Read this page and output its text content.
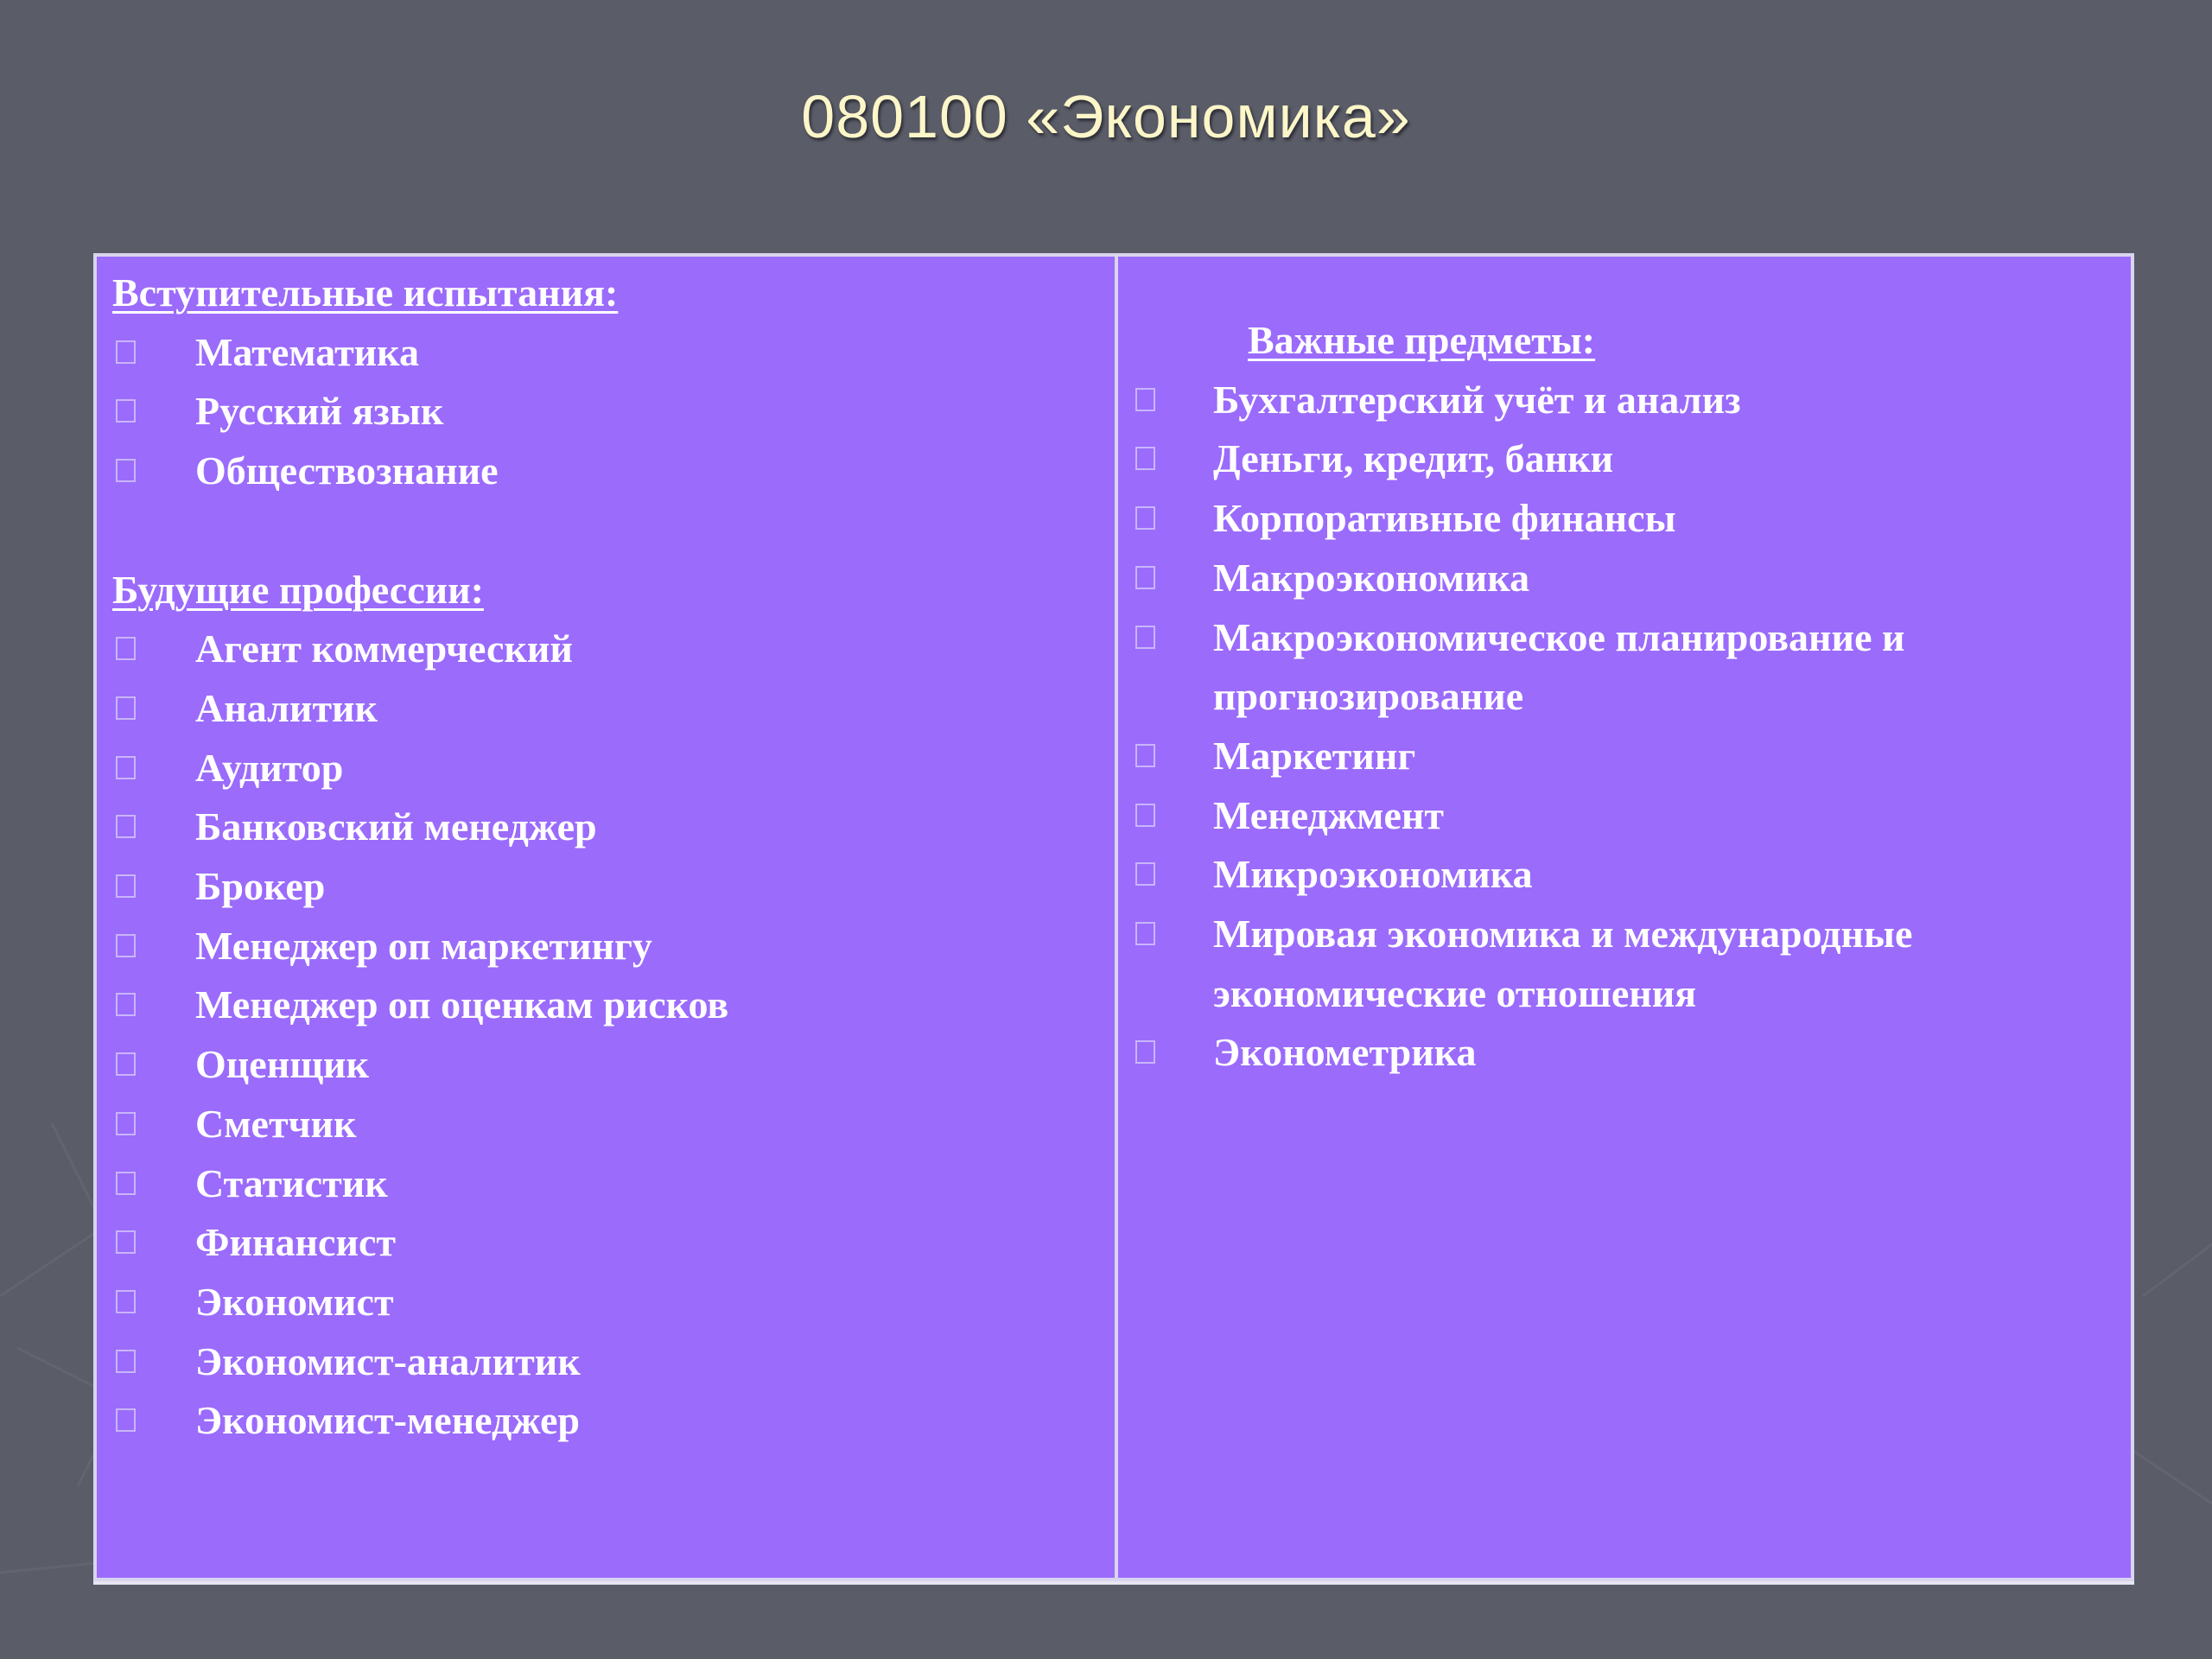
080100 «Экономика»
Вступительные испытания:
Математика
Русский язык
Обществознание
Будущие профессии:
Агент коммерческий
Аналитик
Аудитор
Банковский менеджер
Брокер
Менеджер оп маркетингу
Менеджер оп оценкам рисков
Оценщик
Сметчик
Статистик
Финансист
Экономист
Экономист-аналитик
Экономист-менеджер
Важные предметы:
Бухгалтерский учёт и анализ
Деньги, кредит, банки
Корпоративные финансы
Макроэкономика
Макроэкономическое планирование и прогнозирование
Маркетинг
Менеджмент
Микроэкономика
Мировая экономика и международные экономические отношения
Эконометрика
